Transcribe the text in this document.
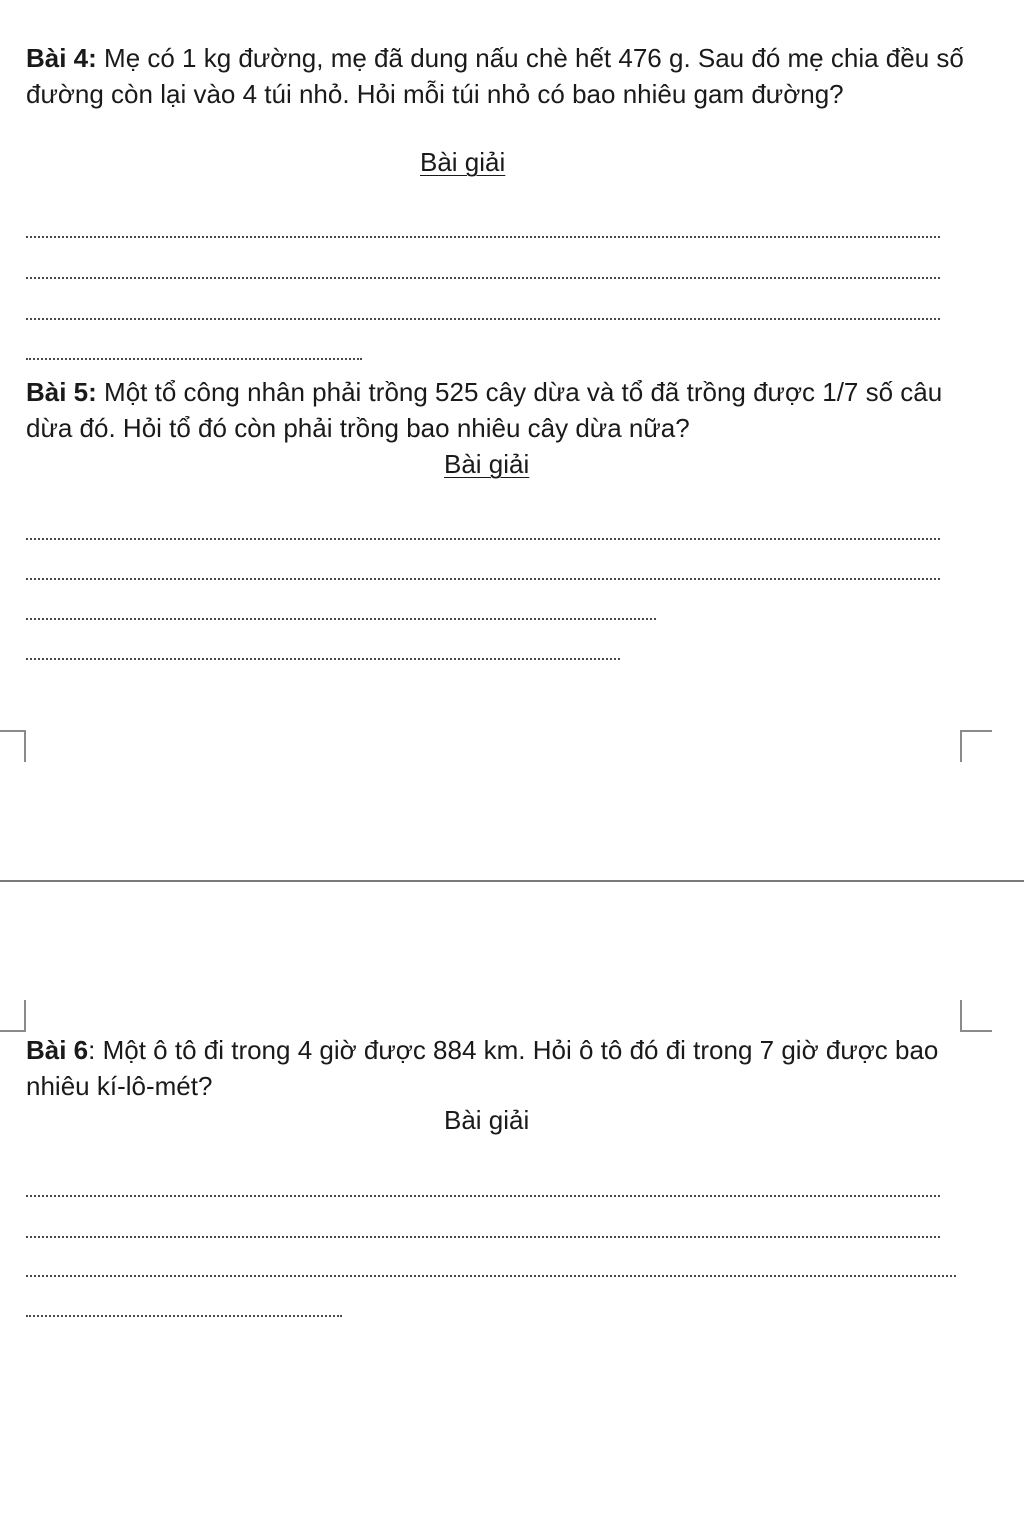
Bài 4: Mẹ có 1 kg đường, mẹ đã dung nấu chè hết 476 g. Sau đó mẹ chia đều số đường còn lại vào 4 túi nhỏ. Hỏi mỗi túi nhỏ có bao nhiêu gam đường?
Bài giải
Bài 5: Một tổ công nhân phải trồng 525 cây dừa và tổ đã trồng được 1/7 số câu dừa đó. Hỏi tổ đó còn phải trồng bao nhiêu cây dừa nữa?
Bài giải
Bài 6: Một ô tô đi trong 4 giờ được 884 km. Hỏi ô tô đó đi trong 7 giờ được bao nhiêu kí-lô-mét?
Bài giải
